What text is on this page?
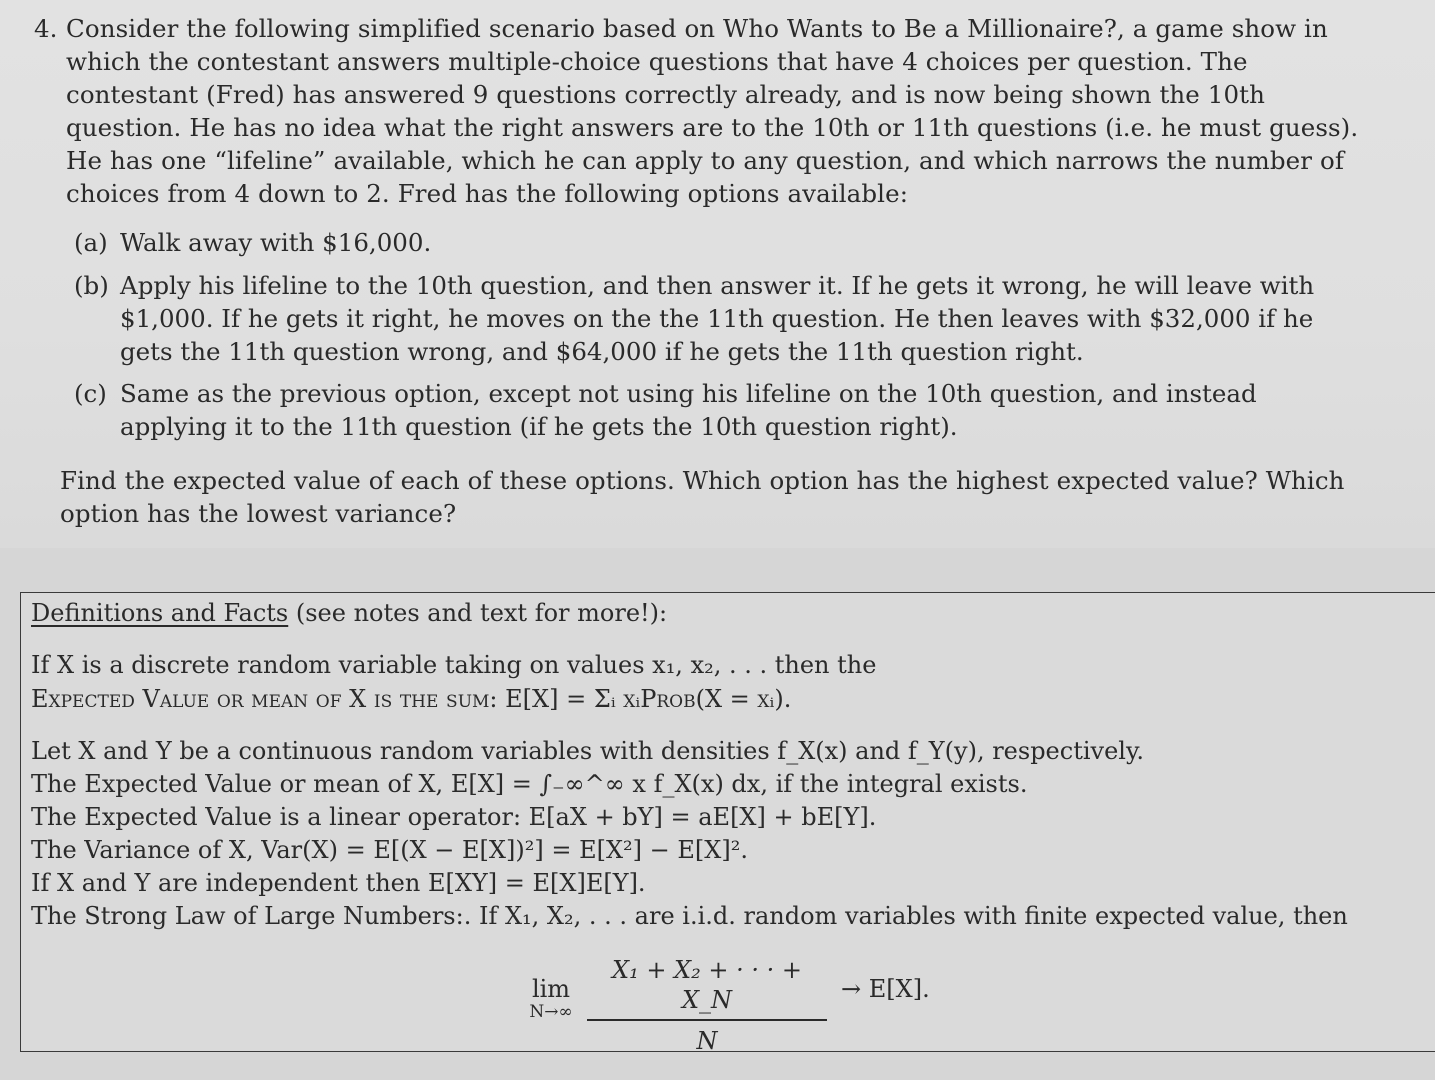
4. Consider the following simplified scenario based on Who Wants to Be a Millionaire?, a game show in which the contestant answers multiple-choice questions that have 4 choices per question. The contestant (Fred) has answered 9 questions correctly already, and is now being shown the 10th question. He has no idea what the right answers are to the 10th or 11th questions (i.e. he must guess). He has one “lifeline” available, which he can apply to any question, and which narrows the number of choices from 4 down to 2. Fred has the following options available:

(a) Walk away with $16,000.
(b) Apply his lifeline to the 10th question, and then answer it. If he gets it wrong, he will leave with $1,000. If he gets it right, he moves on the the 11th question. He then leaves with $32,000 if he gets the 11th question wrong, and $64,000 if he gets the 11th question right.
(c) Same as the previous option, except not using his lifeline on the 10th question, and instead applying it to the 11th question (if he gets the 10th question right).

Find the expected value of each of these options. Which option has the highest expected value? Which option has the lowest variance?

Definitions and Facts (see notes and text for more!):
If X is a discrete random variable taking on values x₁, x₂, . . . then the
Expected Value or mean of X is the sum: E[X] = Σᵢ xᵢProb(X = xᵢ).
Let X and Y be a continuous random variables with densities f_X(x) and f_Y(y), respectively.
The Expected Value or mean of X, E[X] = ∫₋∞^∞ x f_X(x) dx, if the integral exists.
The Expected Value is a linear operator: E[aX + bY] = aE[X] + bE[Y].
The Variance of X, Var(X) = E[(X − E[X])²] = E[X²] − E[X]².
If X and Y are independent then E[XY] = E[X]E[Y].
The Strong Law of Large Numbers:. If X₁, X₂, . . . are i.i.d. random variables with finite expected value, then
lim
N→∞
X₁ + X₂ + · · · + X_N
N
→ E[X].
